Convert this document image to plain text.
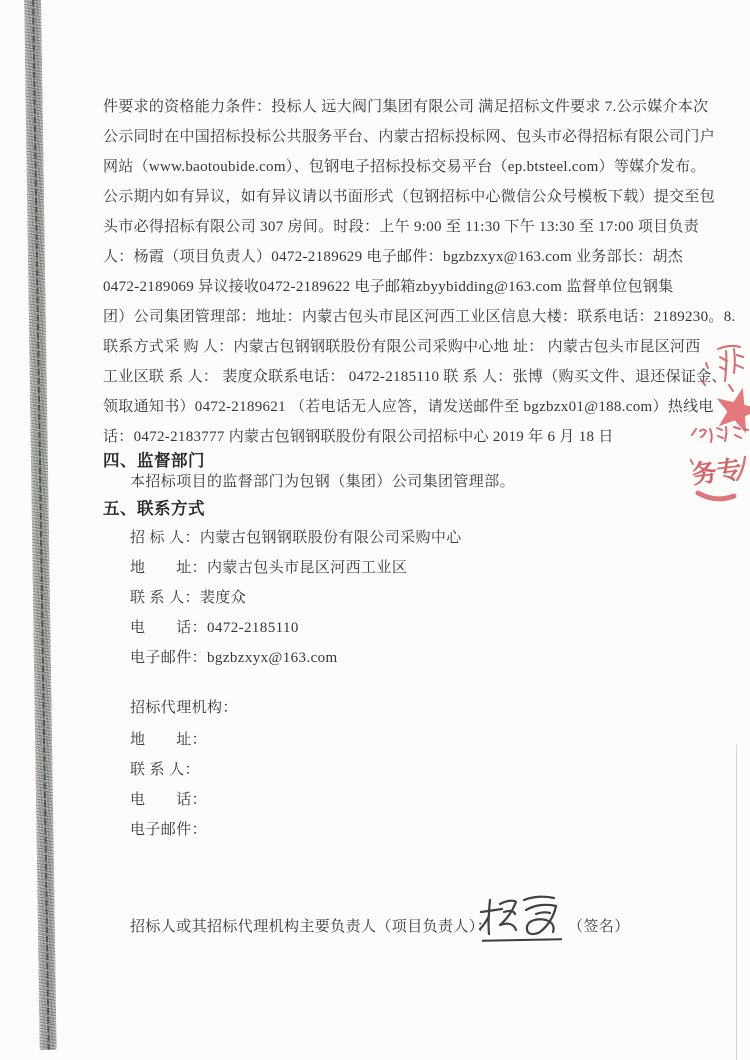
件要求的资格能力条件：投标人 远大阀门集团有限公司 满足招标文件要求 7.公示媒介本次
公示同时在中国招标投标公共服务平台、内蒙古招标投标网、包头市必得招标有限公司门户
网站（www.baotoubide.com）、包钢电子招标投标交易平台（ep.btsteel.com）等媒介发布。
公示期内如有异议，如有异议请以书面形式（包钢招标中心微信公众号模板下载）提交至包
头市必得招标有限公司 307 房间。时段：上午 9:00 至 11:30 下午 13:30 至 17:00 项目负责
人：杨霞（项目负责人）0472-2189629 电子邮件：bgzbzxyx@163.com 业务部长：胡杰
0472-2189069 异议接收0472-2189622 电子邮箱zbyybidding@163.com 监督单位包钢集
团）公司集团管理部：地址：内蒙古包头市昆区河西工业区信息大楼：联系电话：2189230。8.
联系方式采 购 人：内蒙古包钢钢联股份有限公司采购中心地 址： 内蒙古包头市昆区河西
工业区联 系 人： 裴度众联系电话： 0472-2185110 联 系 人：张博（购买文件、退还保证金、
领取通知书）0472-2189621 （若电话无人应答，请发送邮件至 bgzbzx01@188.com）热线电
话：0472-2183777 内蒙古包钢钢联股份有限公司招标中心 2019 年 6 月 18 日
四、监督部门
本招标项目的监督部门为包钢（集团）公司集团管理部。
五、联系方式
招 标 人：内蒙古包钢钢联股份有限公司采购中心
地　　址：内蒙古包头市昆区河西工业区
联 系 人：裴度众
电　　话：0472-2185110
电子邮件：bgzbzxyx@163.com
招标代理机构：
地　　址：
联 系 人：
电　　话：
电子邮件：
招标人或其招标代理机构主要负责人（项目负责人）：	（签名）
务专
